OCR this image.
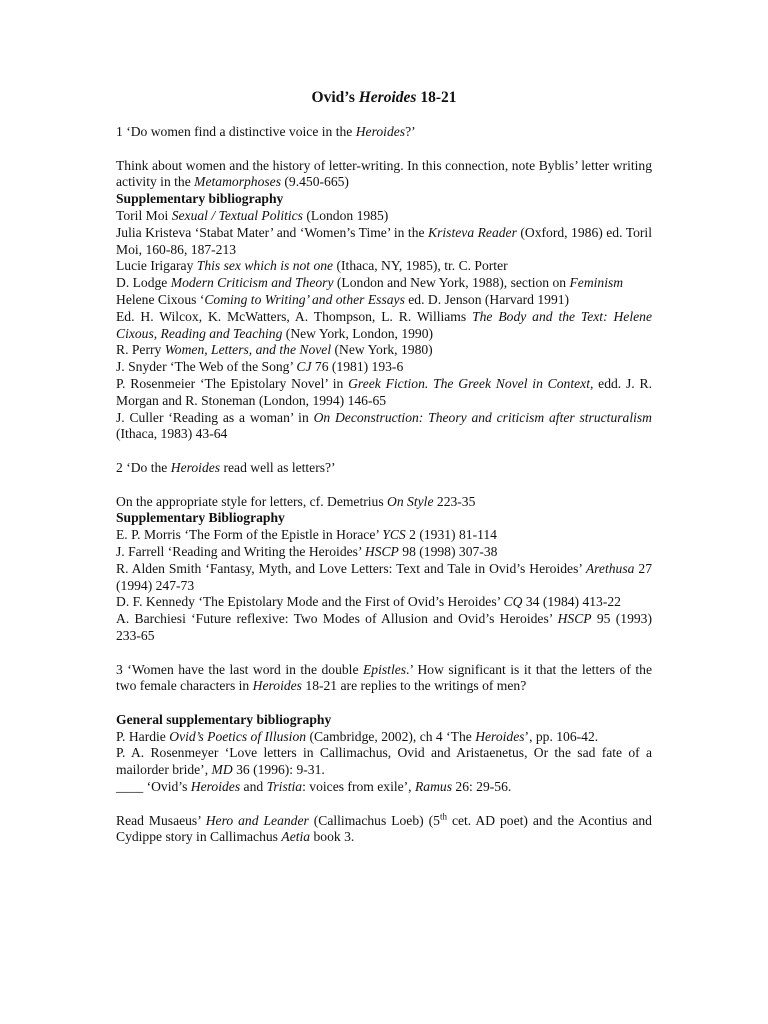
Ovid’s Heroides 18-21

1 ‘Do women find a distinctive voice in the Heroides?’

Think about women and the history of letter-writing. In this connection, note Byblis’ letter writing activity in the Metamorphoses (9.450-665)

Supplementary bibliography

Toril Moi Sexual / Textual Politics (London 1985)

Julia Kristeva ‘Stabat Mater’ and ‘Women’s Time’ in the Kristeva Reader (Oxford, 1986) ed. Toril Moi, 160-86, 187-213

Lucie Irigaray This sex which is not one (Ithaca, NY, 1985), tr. C. Porter

D. Lodge Modern Criticism and Theory (London and New York, 1988), section on Feminism

Helene Cixous ‘Coming to Writing’ and other Essays ed. D. Jenson (Harvard 1991)

Ed. H. Wilcox, K. McWatters, A. Thompson, L. R. Williams The Body and the Text: Helene Cixous, Reading and Teaching (New York, London, 1990)

R. Perry Women, Letters, and the Novel (New York, 1980)

J. Snyder ‘The Web of the Song’ CJ 76 (1981) 193-6

P. Rosenmeier ‘The Epistolary Novel’ in Greek Fiction. The Greek Novel in Context, edd. J. R. Morgan and R. Stoneman (London, 1994) 146-65

J. Culler ‘Reading as a woman’ in On Deconstruction: Theory and criticism after structuralism (Ithaca, 1983) 43-64

2 ‘Do the Heroides read well as letters?’

On the appropriate style for letters, cf. Demetrius On Style 223-35

Supplementary Bibliography

E. P. Morris ‘The Form of the Epistle in Horace’ YCS 2 (1931) 81-114

J. Farrell ‘Reading and Writing the Heroides’ HSCP 98 (1998) 307-38

R. Alden Smith ‘Fantasy, Myth, and Love Letters: Text and Tale in Ovid’s Heroides’ Arethusa 27 (1994) 247-73

D. F. Kennedy ‘The Epistolary Mode and the First of Ovid’s Heroides’ CQ 34 (1984) 413-22

A. Barchiesi ‘Future reflexive: Two Modes of Allusion and Ovid’s Heroides’ HSCP 95 (1993) 233-65

3 ‘Women have the last word in the double Epistles.’ How significant is it that the letters of the two female characters in Heroides 18-21 are replies to the writings of men?

General supplementary bibliography

P. Hardie Ovid’s Poetics of Illusion (Cambridge, 2002), ch 4 ‘The Heroides’, pp. 106-42.

P. A. Rosenmeyer ‘Love letters in Callimachus, Ovid and Aristaenetus, Or the sad fate of a mailorder bride’, MD 36 (1996): 9-31.

____ ‘Ovid’s Heroides and Tristia: voices from exile’, Ramus 26: 29-56.

Read Musaeus’ Hero and Leander (Callimachus Loeb) (5th cet. AD poet) and the Acontius and Cydippe story in Callimachus Aetia book 3.
